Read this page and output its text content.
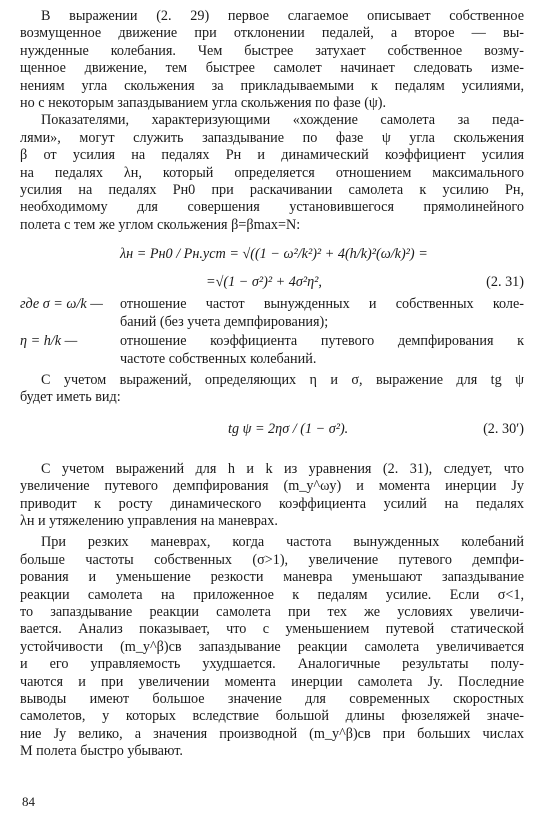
В выражении (2. 29) первое слагаемое описывает собственное
возмущенное движение при отклонении педалей, а второе — вы-
нужденные колебания. Чем быстрее затухает собственное возму-
щенное движение, тем быстрее самолет начинает следовать изме-
нениям угла скольжения за прикладываемыми к педалям усилиями,
но с некоторым запаздыванием угла скольжения по фазе (ψ).
Показателями, характеризующими «хождение самолета за педа-
лями», могут служить запаздывание по фазе ψ угла скольжения
β от усилия на педалях Pн и динамический коэффициент усилия
на педалях λн, который определяется отношением максимального
усилия на педалях Pн0 при раскачивании самолета к усилию Pн,
необходимому для совершения установившегося прямолинейного
полета с тем же углом скольжения β=βmax=N:
λн = Pн0 / Pн.уст = √((1 − ω²/k²)² + 4(h/k)²(ω/k)²) =
=√(1 − σ²)² + 4σ²η²,	(2. 31)
где σ = ω/k —	отношение частот вынужденных и собственных коле-
баний (без учета демпфирования);
η = h/k —	отношение коэффициента путевого демпфирования к
частоте собственных колебаний.
С учетом выражений, определяющих η и σ, выражение для tg ψ
будет иметь вид:
tg ψ = 2ησ / (1 − σ²).	(2. 30′)
С учетом выражений для h и k из уравнения (2. 31), следует, что
увеличение путевого демпфирования (m_y^ωy) и момента инерции Jy
приводит к росту динамического коэффициента усилий на педалях
λн и утяжелению управления на маневрах.
При резких маневрах, когда частота вынужденных колебаний
больше частоты собственных (σ>1), увеличение путевого демпфи-
рования и уменьшение резкости маневра уменьшают запаздывание
реакции самолета на приложенное к педалям усилие. Если σ<1,
то запаздывание реакции самолета при тех же условиях увеличи-
вается. Анализ показывает, что с уменьшением путевой статической
устойчивости (m_y^β)св запаздывание реакции самолета увеличивается
и его управляемость ухудшается. Аналогичные результаты полу-
чаются и при увеличении момента инерции самолета Jy. Последние
выводы имеют большое значение для современных скоростных
самолетов, у которых вследствие большой длины фюзеляжей значе-
ние Jy велико, а значения производной (m_y^β)св при больших числах
М полета быстро убывают.
84
